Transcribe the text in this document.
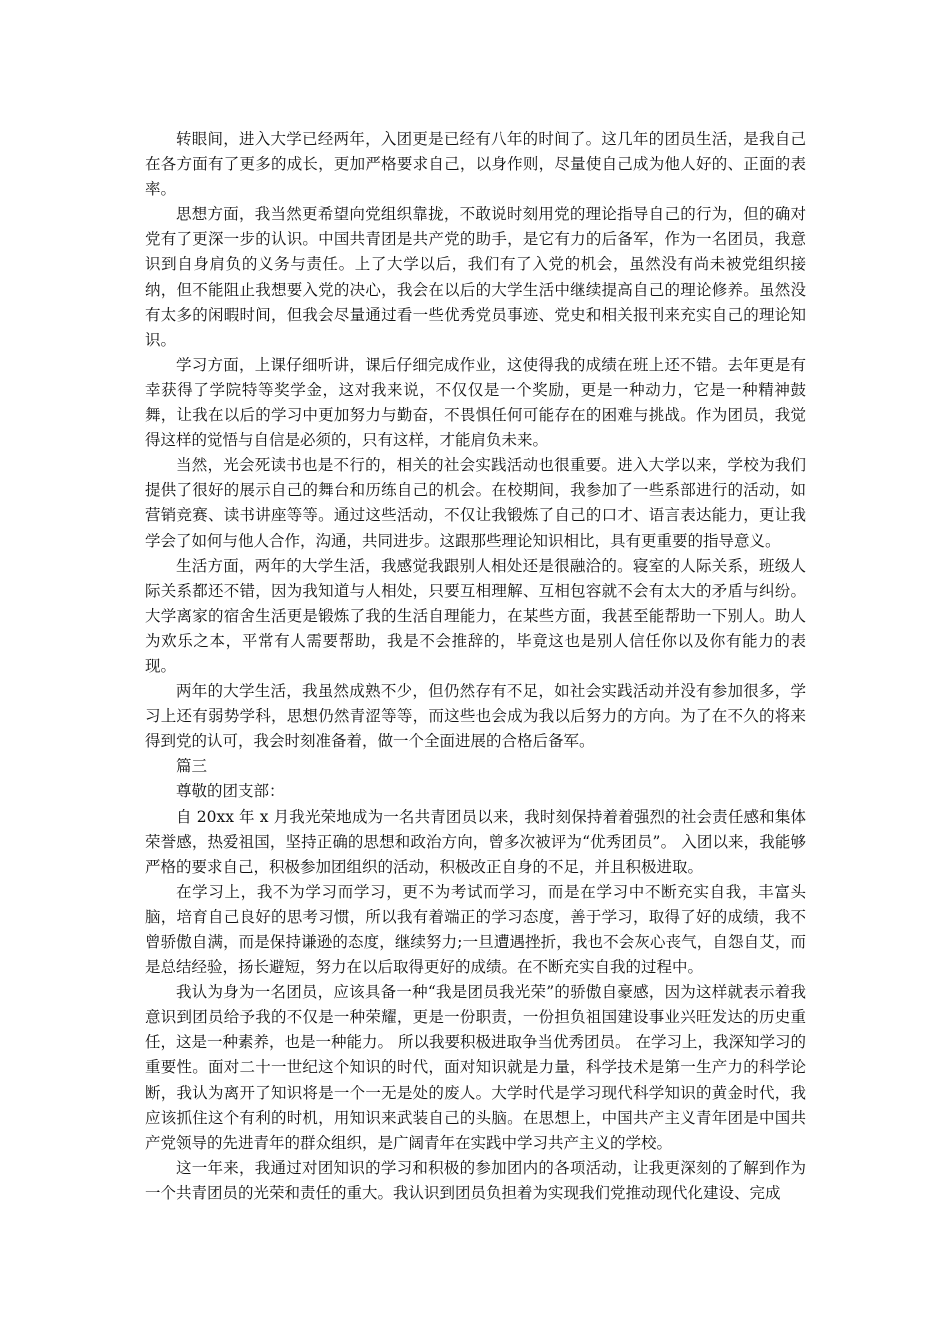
转眼间，进入大学已经两年，入团更是已经有八年的时间了。这几年的团员生活，是我自己在各方面有了更多的成长，更加严格要求自己，以身作则，尽量使自己成为他人好的、正面的表率。

思想方面，我当然更希望向党组织靠拢，不敢说时刻用党的理论指导自己的行为，但的确对党有了更深一步的认识。中国共青团是共产党的助手，是它有力的后备军，作为一名团员，我意识到自身肩负的义务与责任。上了大学以后，我们有了入党的机会，虽然没有尚未被党组织接纳，但不能阻止我想要入党的决心，我会在以后的大学生活中继续提高自己的理论修养。虽然没有太多的闲暇时间，但我会尽量通过看一些优秀党员事迹、党史和相关报刊来充实自己的理论知识。

学习方面，上课仔细听讲，课后仔细完成作业，这使得我的成绩在班上还不错。去年更是有幸获得了学院特等奖学金，这对我来说，不仅仅是一个奖励，更是一种动力，它是一种精神鼓舞，让我在以后的学习中更加努力与勤奋，不畏惧任何可能存在的困难与挑战。作为团员，我觉得这样的觉悟与自信是必须的，只有这样，才能肩负未来。

当然，光会死读书也是不行的，相关的社会实践活动也很重要。进入大学以来，学校为我们提供了很好的展示自己的舞台和历练自己的机会。在校期间，我参加了一些系部进行的活动，如营销竞赛、读书讲座等等。通过这些活动，不仅让我锻炼了自己的口才、语言表达能力，更让我学会了如何与他人合作，沟通，共同进步。这跟那些理论知识相比，具有更重要的指导意义。

生活方面，两年的大学生活，我感觉我跟别人相处还是很融洽的。寝室的人际关系，班级人际关系都还不错，因为我知道与人相处，只要互相理解、互相包容就不会有太大的矛盾与纠纷。大学离家的宿舍生活更是锻炼了我的生活自理能力，在某些方面，我甚至能帮助一下别人。助人为欢乐之本，平常有人需要帮助，我是不会推辞的，毕竟这也是别人信任你以及你有能力的表现。

两年的大学生活，我虽然成熟不少，但仍然存有不足，如社会实践活动并没有参加很多，学习上还有弱势学科，思想仍然青涩等等，而这些也会成为我以后努力的方向。为了在不久的将来得到党的认可，我会时刻准备着，做一个全面进展的合格后备军。

篇三

尊敬的团支部：

自 20xx 年 x 月我光荣地成为一名共青团员以来，我时刻保持着着强烈的社会责任感和集体荣誉感，热爱祖国，坚持正确的思想和政治方向，曾多次被评为“优秀团员”。 入团以来，我能够严格的要求自己，积极参加团组织的活动，积极改正自身的不足，并且积极进取。

在学习上，我不为学习而学习，更不为考试而学习，而是在学习中不断充实自我，丰富头脑，培育自己良好的思考习惯，所以我有着端正的学习态度，善于学习，取得了好的成绩，我不曾骄傲自满，而是保持谦逊的态度，继续努力;一旦遭遇挫折，我也不会灰心丧气，自怨自艾，而是总结经验，扬长避短，努力在以后取得更好的成绩。在不断充实自我的过程中。

我认为身为一名团员，应该具备一种“我是团员我光荣”的骄傲自豪感，因为这样就表示着我意识到团员给予我的不仅是一种荣耀，更是一份职责，一份担负祖国建设事业兴旺发达的历史重任，这是一种素养，也是一种能力。 所以我要积极进取争当优秀团员。 在学习上，我深知学习的重要性。面对二十一世纪这个知识的时代，面对知识就是力量，科学技术是第一生产力的科学论断，我认为离开了知识将是一个一无是处的废人。大学时代是学习现代科学知识的黄金时代，我应该抓住这个有利的时机，用知识来武装自己的头脑。在思想上，中国共产主义青年团是中国共产党领导的先进青年的群众组织，是广阔青年在实践中学习共产主义的学校。

这一年来，我通过对团知识的学习和积极的参加团内的各项活动，让我更深刻的了解到作为一个共青团员的光荣和责任的重大。我认识到团员负担着为实现我们党推动现代化建设、完成
